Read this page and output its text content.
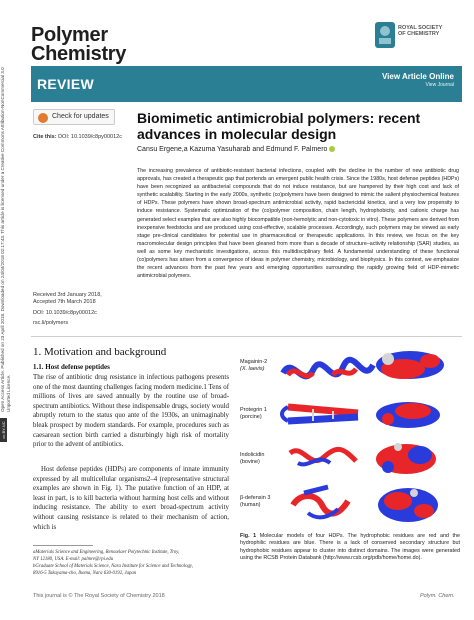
Polymer
Chemistry
ROYAL SOCIETY
OF CHEMISTRY
REVIEW	View Article Online
View Journal
cc BY-NC
Open Access Article. Published on 23 April 2018. Downloaded on 24/04/2018 02:17:43. This article is licensed under a Creative Commons Attribution-NonCommercial 3.0 Unported Licence.
Check for updates
Cite this: DOI: 10.1039/c8py00012c
Received 3rd January 2018,
Accepted 7th March 2018
DOI: 10.1039/c8py00012c
rsc.li/polymers
Biomimetic antimicrobial polymers: recent advances in molecular design
Cansu Ergene,a Kazuma Yasuharab and Edmund F. Palmero
The increasing prevalence of antibiotic-resistant bacterial infections, coupled with the decline in the number of new antibiotic drug approvals, has created a therapeutic gap that portends an emergent public health crisis. Since the 1980s, host defense peptides (HDPs) have been recognized as antibacterial compounds that do not induce resistance, but are hampered by their high cost and lack of synthetic scalability. Starting in the early 2000s, synthetic (co)polymers have been designed to mimic the salient physiochemical features of HDPs. These polymers have shown broad-spectrum antimicrobial activity, rapid bactericidal kinetics, and a very low propensity to induce resistance. Systematic optimization of the (co)polymer composition, chain length, hydrophobicity, and cationic charge has generated select examples that are also highly biocompatible (non-hemolytic and non-cytotoxic in vitro). These polymers are derived from inexpensive feedstocks and are produced using cost-effective, scalable processes. Accordingly, such polymers may be viewed as early stage pre-clinical candidates for potential use in pharmaceutical or therapeutic applications. In this review, we focus on the key macromolecular design principles that have been gleaned from more than a decade of structure–activity relationship (SAR) studies, as well as some key mechanistic investigations, across this multidisciplinary field. A fundamental understanding of these functional (co)polymers has arisen from a convergence of ideas in polymer chemistry, microbiology, and biophysics. In this context, we emphasize the recent advances from the past few years and emerging opportunities surrounding the rapidly growing field of HDP-mimetic antimicrobial polymers.
1. Motivation and background
1.1. Host defense peptides
The rise of antibiotic drug resistance in infectious pathogens presents one of the most daunting challenges facing modern medicine.1 Tens of millions of lives are saved annually by the routine use of broad-spectrum antibiotics. Without these indispensable drugs, society would abruptly return to the status quo ante of the 1930s, an unimaginably bleak prospect by modern standards. For example, procedures such as caesarean section birth carried a disturbingly high risk of mortality prior to the advent of antibiotics.
Host defense peptides (HDPs) are components of innate immunity expressed by all multicellular organisms2–4 (representative structural examples are shown in Fig. 1). The putative function of an HDP, at least in part, is to kill bacteria without harming host cells and without inducing resistance. The ability to exert broad-spectrum activity without causing resistance is related to their mechanism of action, which is
aMaterials Science and Engineering, Rensselaer Polytechnic Institute, Troy,
NY 12180, USA. E-mail: palmre@rpi.edu
bGraduate School of Materials Science, Nara Institute for Science and Technology,
8916-5 Takayama-cho, Ikoma, Nara 630-0192, Japan
Magainin-2
(X. laevis)
Protegrin 1
(porcine)
Indolicidin
(bovine)
β-defensin 3
(human)
Fig. 1 Molecular models of four HDPs. The hydrophobic residues are red and the hydrophilic residues are blue. There is a lack of conserved secondary structure but hydrophobic residues appear to cluster into distinct domains. The images were generated using the RCSB Protein Databank (http://www.rcsb.org/pdb/home/home.do).
This journal is © The Royal Society of Chemistry 2018	Polym. Chem.
